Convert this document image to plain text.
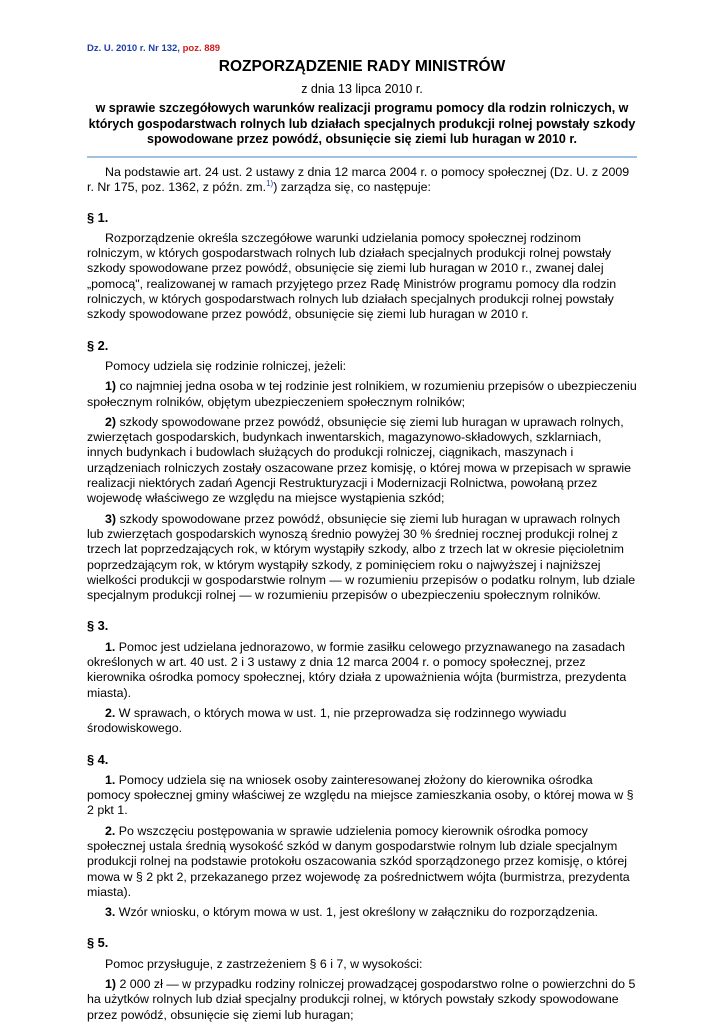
Dz. U. 2010 r. Nr 132, poz. 889
ROZPORZĄDZENIE RADY MINISTRÓW
z dnia 13 lipca 2010 r.
w sprawie szczegółowych warunków realizacji programu pomocy dla rodzin rolniczych, w których gospodarstwach rolnych lub działach specjalnych produkcji rolnej powstały szkody spowodowane przez powódź, obsunięcie się ziemi lub huragan w 2010 r.

Na podstawie art. 24 ust. 2 ustawy z dnia 12 marca 2004 r. o pomocy społecznej (Dz. U. z 2009 r. Nr 175, poz. 1362, z późn. zm.$^{1)}$) zarządza się, co następuje:

§ 1.

Rozporządzenie określa szczegółowe warunki udzielania pomocy społecznej rodzinom rolniczym, w których gospodarstwach rolnych lub działach specjalnych produkcji rolnej powstały szkody spowodowane przez powódź, obsunięcie się ziemi lub huragan w 2010 r., zwanej dalej „pomocą", realizowanej w ramach przyjętego przez Radę Ministrów programu pomocy dla rodzin rolniczych, w których gospodarstwach rolnych lub działach specjalnych produkcji rolnej powstały szkody spowodowane przez powódź, obsunięcie się ziemi lub huragan w 2010 r.

§ 2.

Pomocy udziela się rodzinie rolniczej, jeżeli:

1) co najmniej jedna osoba w tej rodzinie jest rolnikiem, w rozumieniu przepisów o ubezpieczeniu społecznym rolników, objętym ubezpieczeniem społecznym rolników;

2) szkody spowodowane przez powódź, obsunięcie się ziemi lub huragan w uprawach rolnych, zwierzętach gospodarskich, budynkach inwentarskich, magazynowo-składowych, szklarniach, innych budynkach i budowlach służących do produkcji rolniczej, ciągnikach, maszynach i urządzeniach rolniczych zostały oszacowane przez komisję, o której mowa w przepisach w sprawie realizacji niektórych zadań Agencji Restrukturyzacji i Modernizacji Rolnictwa, powołaną przez wojewodę właściwego ze względu na miejsce wystąpienia szkód;

3) szkody spowodowane przez powódź, obsunięcie się ziemi lub huragan w uprawach rolnych lub zwierzętach gospodarskich wynoszą średnio powyżej 30 % średniej rocznej produkcji rolnej z trzech lat poprzedzających rok, w którym wystąpiły szkody, albo z trzech lat w okresie pięcioletnim poprzedzającym rok, w którym wystąpiły szkody, z pominięciem roku o najwyższej i najniższej wielkości produkcji w gospodarstwie rolnym — w rozumieniu przepisów o podatku rolnym, lub dziale specjalnym produkcji rolnej — w rozumieniu przepisów o ubezpieczeniu społecznym rolników.

§ 3.

1. Pomoc jest udzielana jednorazowo, w formie zasiłku celowego przyznawanego na zasadach określonych w art. 40 ust. 2 i 3 ustawy z dnia 12 marca 2004 r. o pomocy społecznej, przez kierownika ośrodka pomocy społecznej, który działa z upoważnienia wójta (burmistrza, prezydenta miasta).

2. W sprawach, o których mowa w ust. 1, nie przeprowadza się rodzinnego wywiadu środowiskowego.

§ 4.

1. Pomocy udziela się na wniosek osoby zainteresowanej złożony do kierownika ośrodka pomocy społecznej gminy właściwej ze względu na miejsce zamieszkania osoby, o której mowa w § 2 pkt 1.

2. Po wszczęciu postępowania w sprawie udzielenia pomocy kierownik ośrodka pomocy społecznej ustala średnią wysokość szkód w danym gospodarstwie rolnym lub dziale specjalnym produkcji rolnej na podstawie protokołu oszacowania szkód sporządzonego przez komisję, o której mowa w § 2 pkt 2, przekazanego przez wojewodę za pośrednictwem wójta (burmistrza, prezydenta miasta).

3. Wzór wniosku, o którym mowa w ust. 1, jest określony w załączniku do rozporządzenia.

§ 5.

Pomoc przysługuje, z zastrzeżeniem § 6 i 7, w wysokości:

1) 2 000 zł — w przypadku rodziny rolniczej prowadzącej gospodarstwo rolne o powierzchni do 5 ha użytków rolnych lub dział specjalny produkcji rolnej, w których powstały szkody spowodowane przez powódź, obsunięcie się ziemi lub huragan;
